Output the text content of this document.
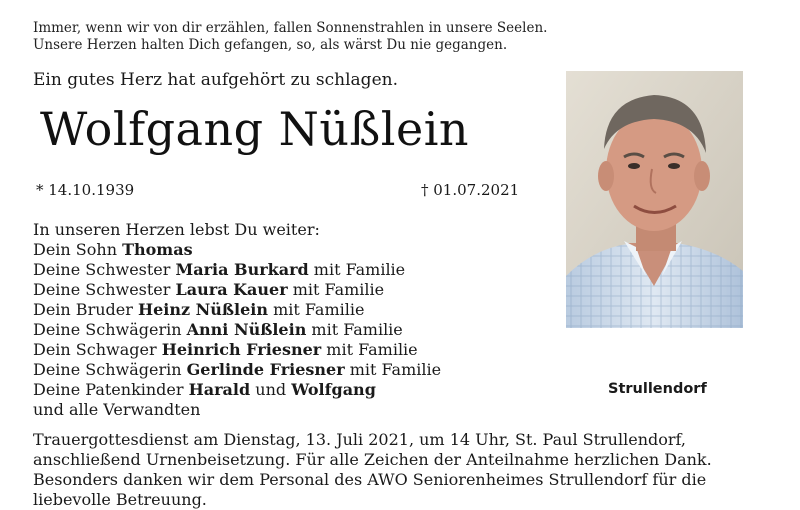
Immer, wenn wir von dir erzählen, fallen Sonnenstrahlen in unsere Seelen.
Unsere Herzen halten Dich gefangen, so, als wärst Du nie gegangen.
Ein gutes Herz hat aufgehört zu schlagen.
Wolfgang Nüßlein
* 14.10.1939	† 01.07.2021
In unseren Herzen lebst Du weiter:
Dein Sohn Thomas
Deine Schwester Maria Burkard mit Familie
Deine Schwester Laura Kauer mit Familie
Dein Bruder Heinz Nüßlein mit Familie
Deine Schwägerin Anni Nüßlein mit Familie
Dein Schwager Heinrich Friesner mit Familie
Deine Schwägerin Gerlinde Friesner mit Familie
Deine Patenkinder Harald und Wolfgang
und alle Verwandten
Strullendorf
Trauergottesdienst am Dienstag, 13. Juli 2021, um 14 Uhr, St. Paul Strullendorf, anschließend Urnenbeisetzung. Für alle Zeichen der Anteilnahme herzlichen Dank. Besonders danken wir dem Personal des AWO Seniorenheimes Strullendorf für die liebevolle Betreuung.
